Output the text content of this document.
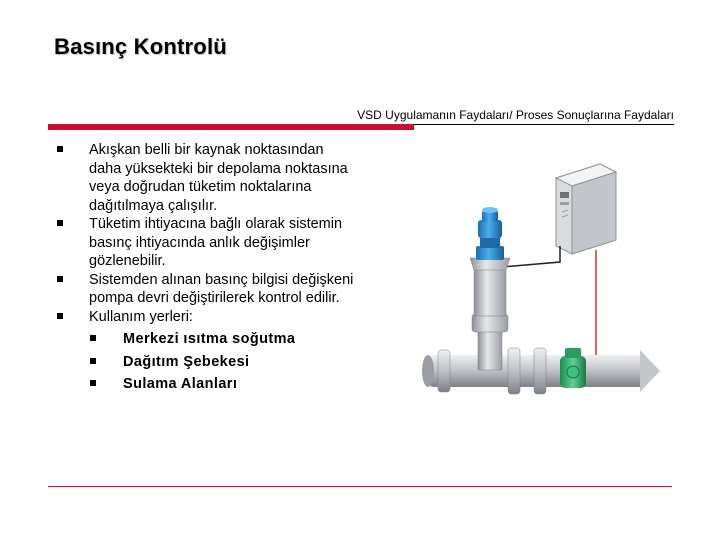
Basınç Kontrolü
VSD Uygulamanın Faydaları/ Proses Sonuçlarına Faydaları
Akışkan belli bir kaynak noktasından daha yüksekteki bir depolama noktasına veya doğrudan tüketim noktalarına dağıtılmaya çalışılır.
Tüketim ihtiyacına bağlı olarak sistemin basınç ihtiyacında anlık değişimler gözlenebilir.
Sistemden alınan basınç bilgisi değişkeni pompa devri değiştirilerek kontrol edilir.
Kullanım yerleri:
Merkezi ısıtma soğutma
Dağıtım Şebekesi
Sulama Alanları
